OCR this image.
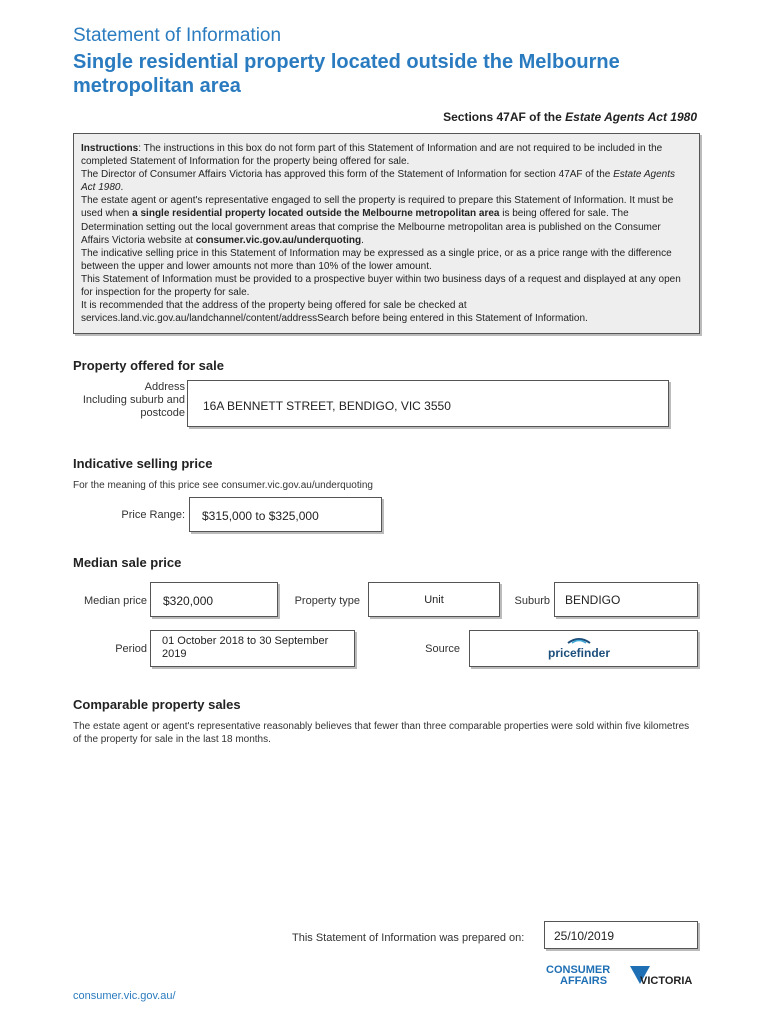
Statement of Information
Single residential property located outside the Melbourne metropolitan area
Sections 47AF of the Estate Agents Act 1980

Instructions: The instructions in this box do not form part of this Statement of Information and are not required to be included in the completed Statement of Information for the property being offered for sale.

The Director of Consumer Affairs Victoria has approved this form of the Statement of Information for section 47AF of the Estate Agents Act 1980.

The estate agent or agent's representative engaged to sell the property is required to prepare this Statement of Information. It must be used when a single residential property located outside the Melbourne metropolitan area is being offered for sale. The Determination setting out the local government areas that comprise the Melbourne metropolitan area is published on the Consumer Affairs Victoria website at consumer.vic.gov.au/underquoting.

The indicative selling price in this Statement of Information may be expressed as a single price, or as a price range with the difference between the upper and lower amounts not more than 10% of the lower amount.

This Statement of Information must be provided to a prospective buyer within two business days of a request and displayed at any open for inspection for the property for sale.

It is recommended that the address of the property being offered for sale be checked at services.land.vic.gov.au/landchannel/content/addressSearch before being entered in this Statement of Information.

Property offered for sale
Address
Including suburb and
postcode	16A BENNETT STREET, BENDIGO, VIC 3550
Indicative selling price
For the meaning of this price see consumer.vic.gov.au/underquoting
Price Range:	$315,000 to $325,000
Median sale price
Median price	$320,000	Property type	Unit	Suburb	BENDIGO
Period
01 October 2018 to 30 September 2019	Source	pricefinder
Comparable property sales
The estate agent or agent's representative reasonably believes that fewer than three comparable properties were sold within five kilometres of the property for sale in the last 18 months.
This Statement of Information was prepared on:	25/10/2019
CONSUMER
AFFAIRS	VICTORIA
consumer.vic.gov.au/
